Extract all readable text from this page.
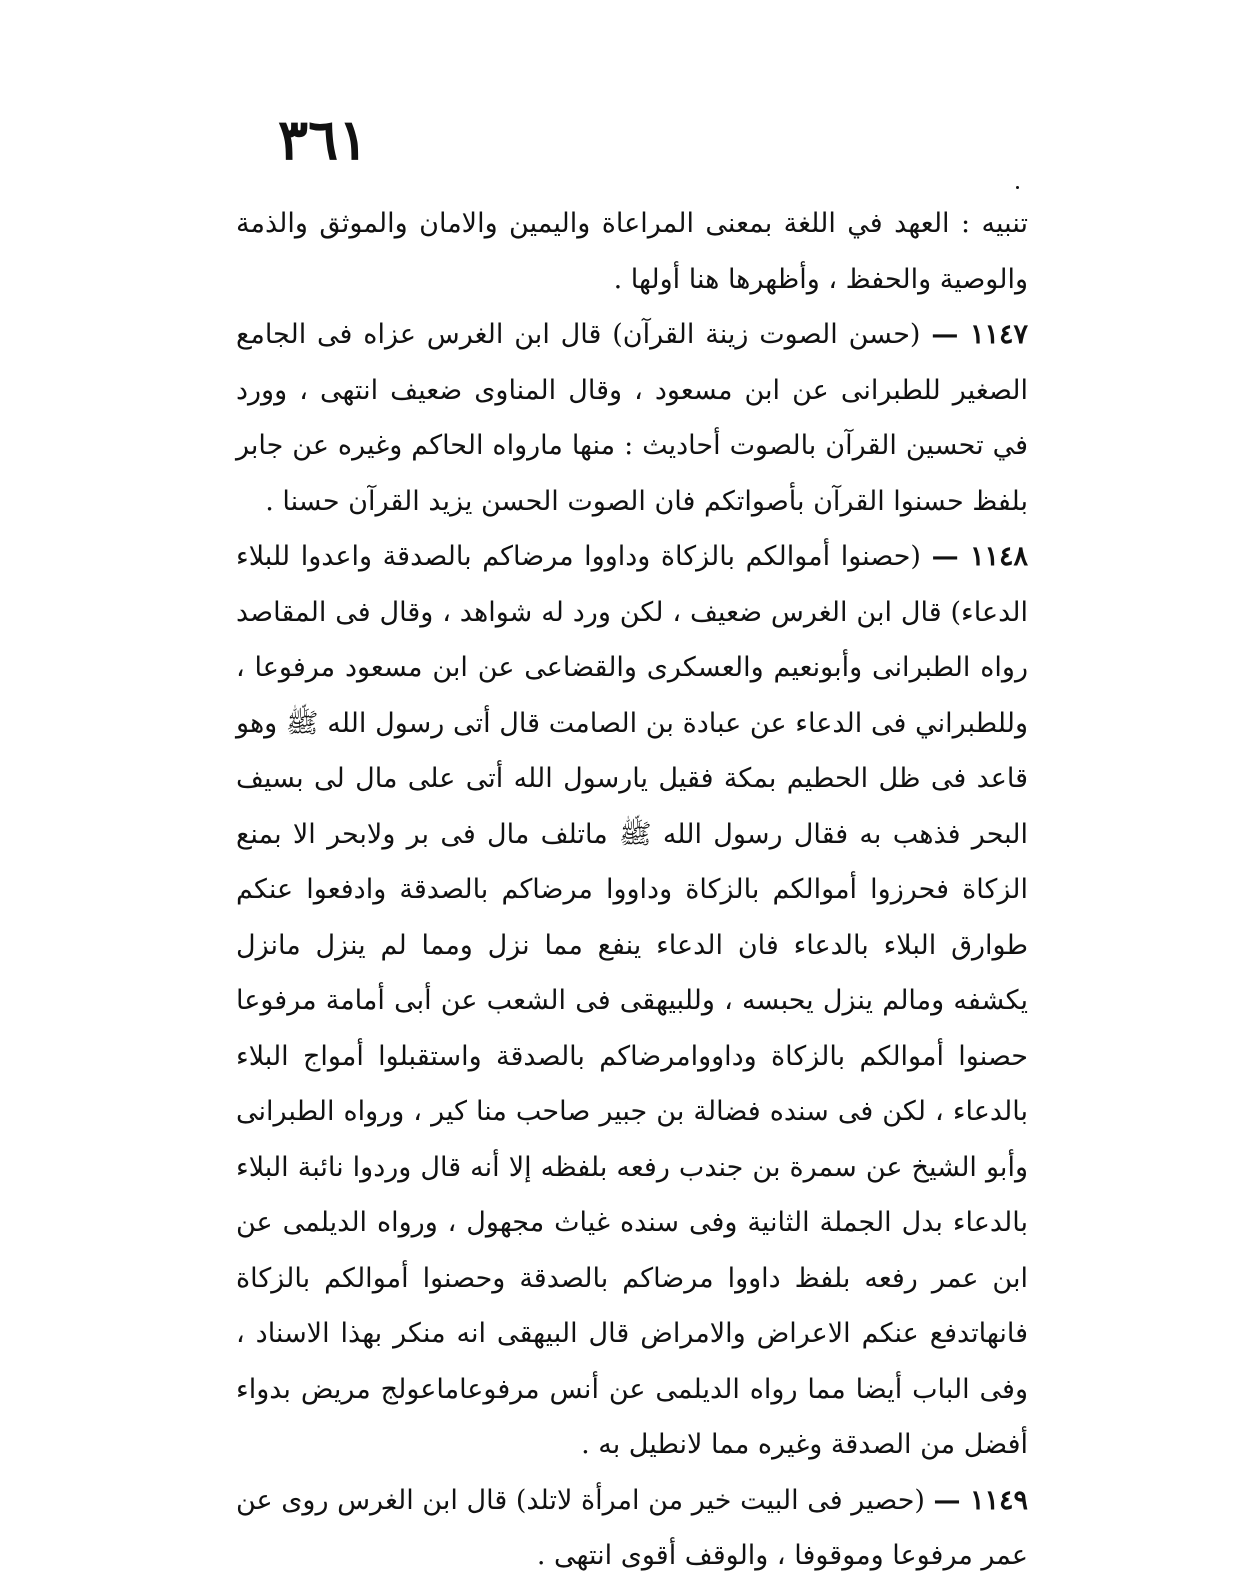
٣٦١

تنبيه : العهد في اللغة بمعنى المراعاة واليمين والامان والموثق والذمة والوصية والحفظ ، وأظهرها هنا أولها .

١١٤٧ — (حسن الصوت زينة القرآن) قال ابن الغرس عزاه فى الجامع الصغير للطبرانى عن ابن مسعود ، وقال المناوى ضعيف انتهى ، وورد في تحسين القرآن بالصوت أحاديث : منها مارواه الحاكم وغيره عن جابر بلفظ حسنوا القرآن بأصواتكم فان الصوت الحسن يزيد القرآن حسنا .

١١٤٨ — (حصنوا أموالكم بالزكاة وداووا مرضاكم بالصدقة واعدوا للبلاء الدعاء) قال ابن الغرس ضعيف ، لكن ورد له شواهد ، وقال فى المقاصد رواه الطبرانى وأبونعيم والعسكرى والقضاعى عن ابن مسعود مرفوعا ، وللطبراني فى الدعاء عن عبادة بن الصامت قال أتى رسول الله ﷺ وهو قاعد فى ظل الحطيم بمكة فقيل يارسول الله أتى على مال لى بسيف البحر فذهب به فقال رسول الله ﷺ ماتلف مال فى بر ولابحر الا بمنع الزكاة فحرزوا أموالكم بالزكاة وداووا مرضاكم بالصدقة وادفعوا عنكم طوارق البلاء بالدعاء فان الدعاء ينفع مما نزل ومما لم ينزل مانزل يكشفه ومالم ينزل يحبسه ، وللبيهقى فى الشعب عن أبى أمامة مرفوعا حصنوا أموالكم بالزكاة وداووامرضاكم بالصدقة واستقبلوا أمواج البلاء بالدعاء ، لكن فى سنده فضالة بن جبير صاحب منا كير ، ورواه الطبرانى وأبو الشيخ عن سمرة بن جندب رفعه بلفظه إلا أنه قال وردوا نائبة البلاء بالدعاء بدل الجملة الثانية وفى سنده غياث مجهول ، ورواه الديلمى عن ابن عمر رفعه بلفظ داووا مرضاكم بالصدقة وحصنوا أموالكم بالزكاة فانهاتدفع عنكم الاعراض والامراض قال البيهقى انه منكر بهذا الاسناد ، وفى الباب أيضا مما رواه الديلمى عن أنس مرفوعاماعولج مريض بدواء أفضل من الصدقة وغيره مما لانطيل به .

١١٤٩ — (حصير فى البيت خير من امرأة لاتلد) قال ابن الغرس روى عن عمر مرفوعا وموقوفا ، والوقف أقوى انتهى .
